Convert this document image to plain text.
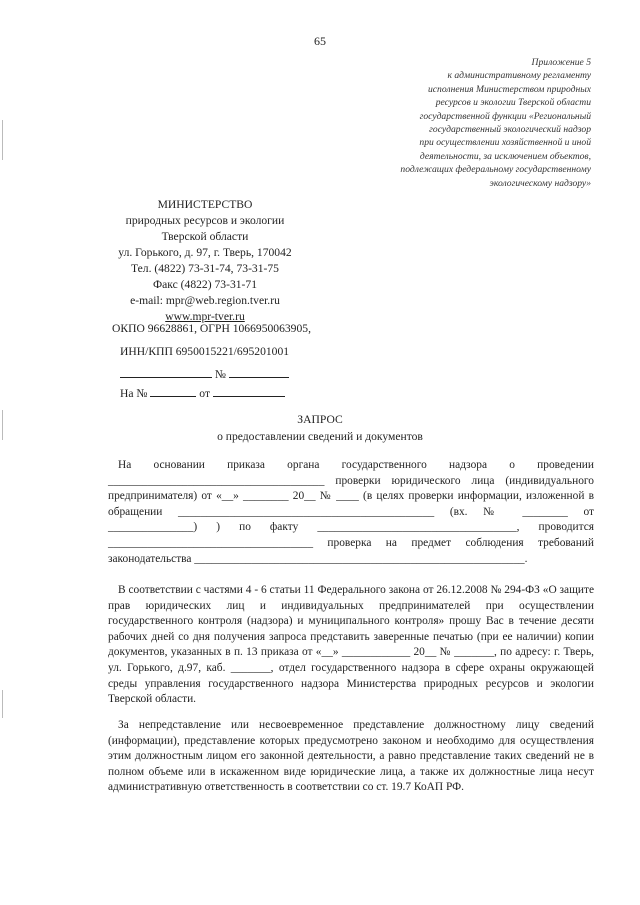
65
Приложение 5
к административному регламенту
исполнения Министерством природных
ресурсов и экологии Тверской области
государственной функции «Региональный
государственный экологический надзор
при осуществлении хозяйственной и иной
деятельности, за исключением объектов,
подлежащих федеральному государственному
экологическому надзору»
МИНИСТЕРСТВО
природных ресурсов и экологии
Тверской области
ул. Горького, д. 97, г. Тверь, 170042
Тел. (4822) 73-31-74, 73-31-75
Факс (4822) 73-31-71
e-mail: mpr@web.region.tver.ru
www.mpr-tver.ru
ОКПО 96628861, ОГРН 1066950063905,
ИНН/КПП 6950015221/695201001
№
На №	от
ЗАПРОС
о предоставлении сведений и документов

На основании приказа органа государственного надзора о проведении ______________________________________ проверки юридического лица (индивидуального предпринимателя) от «__» ________ 20__ № ____ (в целях проверки информации, изложенной в обращении _____________________________________________ (вх. № ________ от _______________) ) по факту ___________________________________, проводится ____________________________________ проверка на предмет соблюдения требований законодательства __________________________________________________________.

В соответствии с частями 4 - 6 статьи 11 Федерального закона от 26.12.2008 № 294-ФЗ «О защите прав юридических лиц и индивидуальных предпринимателей при осуществлении государственного контроля (надзора) и муниципального контроля» прошу Вас в течение десяти рабочих дней со дня получения запроса представить заверенные печатью (при ее наличии) копии документов, указанных в п. 13 приказа от «__» ____________ 20__ № _______, по адресу: г. Тверь, ул. Горького, д.97, каб. _______, отдел государственного надзора в сфере охраны окружающей среды управления государственного надзора Министерства природных ресурсов и экологии Тверской области.

За непредставление или несвоевременное представление должностному лицу сведений (информации), представление которых предусмотрено законом и необходимо для осуществления этим должностным лицом его законной деятельности, а равно представление таких сведений не в полном объеме или в искаженном виде юридические лица, а также их должностные лица несут административную ответственность в соответствии со ст. 19.7 КоАП РФ.
